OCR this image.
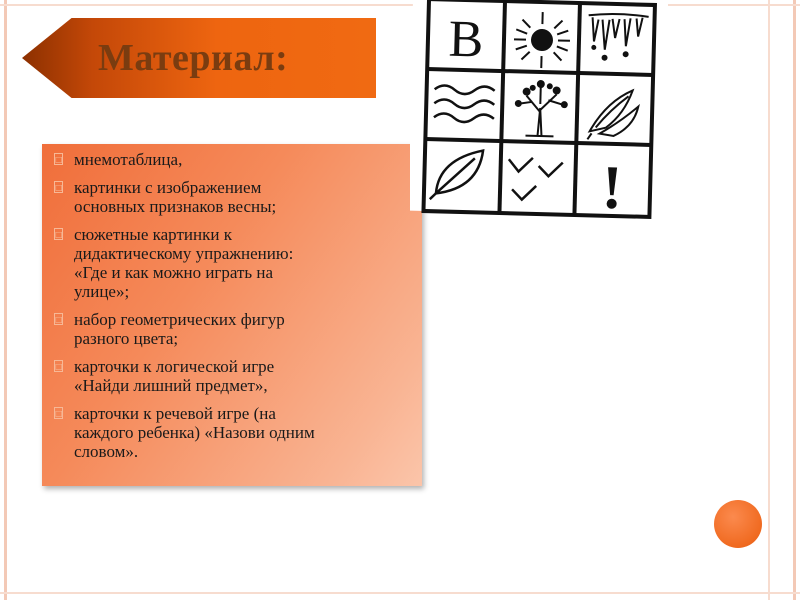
Материал:
□ мнемотаблица,
□ картинки с изображением
основных признаков весны;
□ сюжетные картинки к
дидактическому упражнению:
«Где и как можно играть на
улице»;
□ набор геометрических фигур
разного цвета;
□ карточки к логической игре
«Найди лишний предмет»,
□ карточки к речевой игре (на
каждого ребенка) «Назови одним
словом».
В
!
